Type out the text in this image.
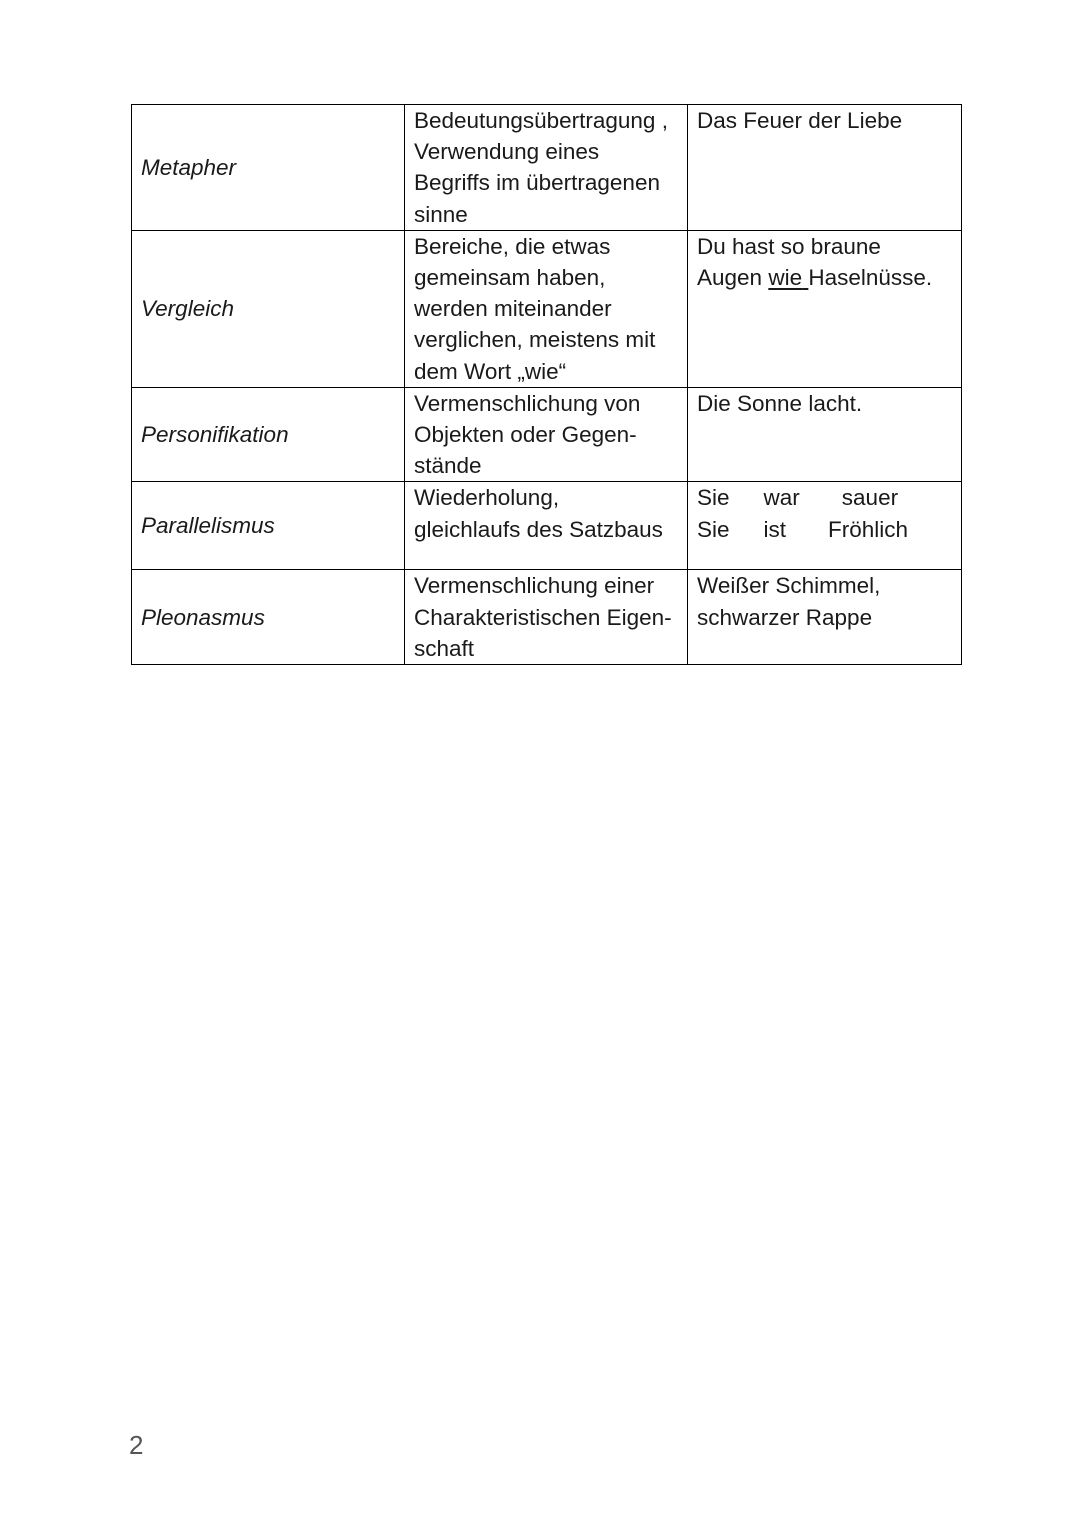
Metapher	Bedeutungsübertragung ,
Verwendung eines
Begriffs im übertragenen
sinne	Das Feuer der Liebe

Vergleich	Bereiche, die etwas
gemeinsam haben,
werden miteinander
verglichen, meistens mit
dem Wort „wie“	Du hast so braune
Augen wie Haselnüsse.

Personifikation	Vermenschlichung von
Objekten oder Gegen-
stände	Die Sonne lacht.

Parallelismus	Wiederholung,
gleichlaufs des Satzbaus	Sie war sauer
Sie ist Fröhlich

Pleonasmus	Vermenschlichung einer
Charakteristischen Eigen-
schaft	Weißer Schimmel,
schwarzer Rappe
2
